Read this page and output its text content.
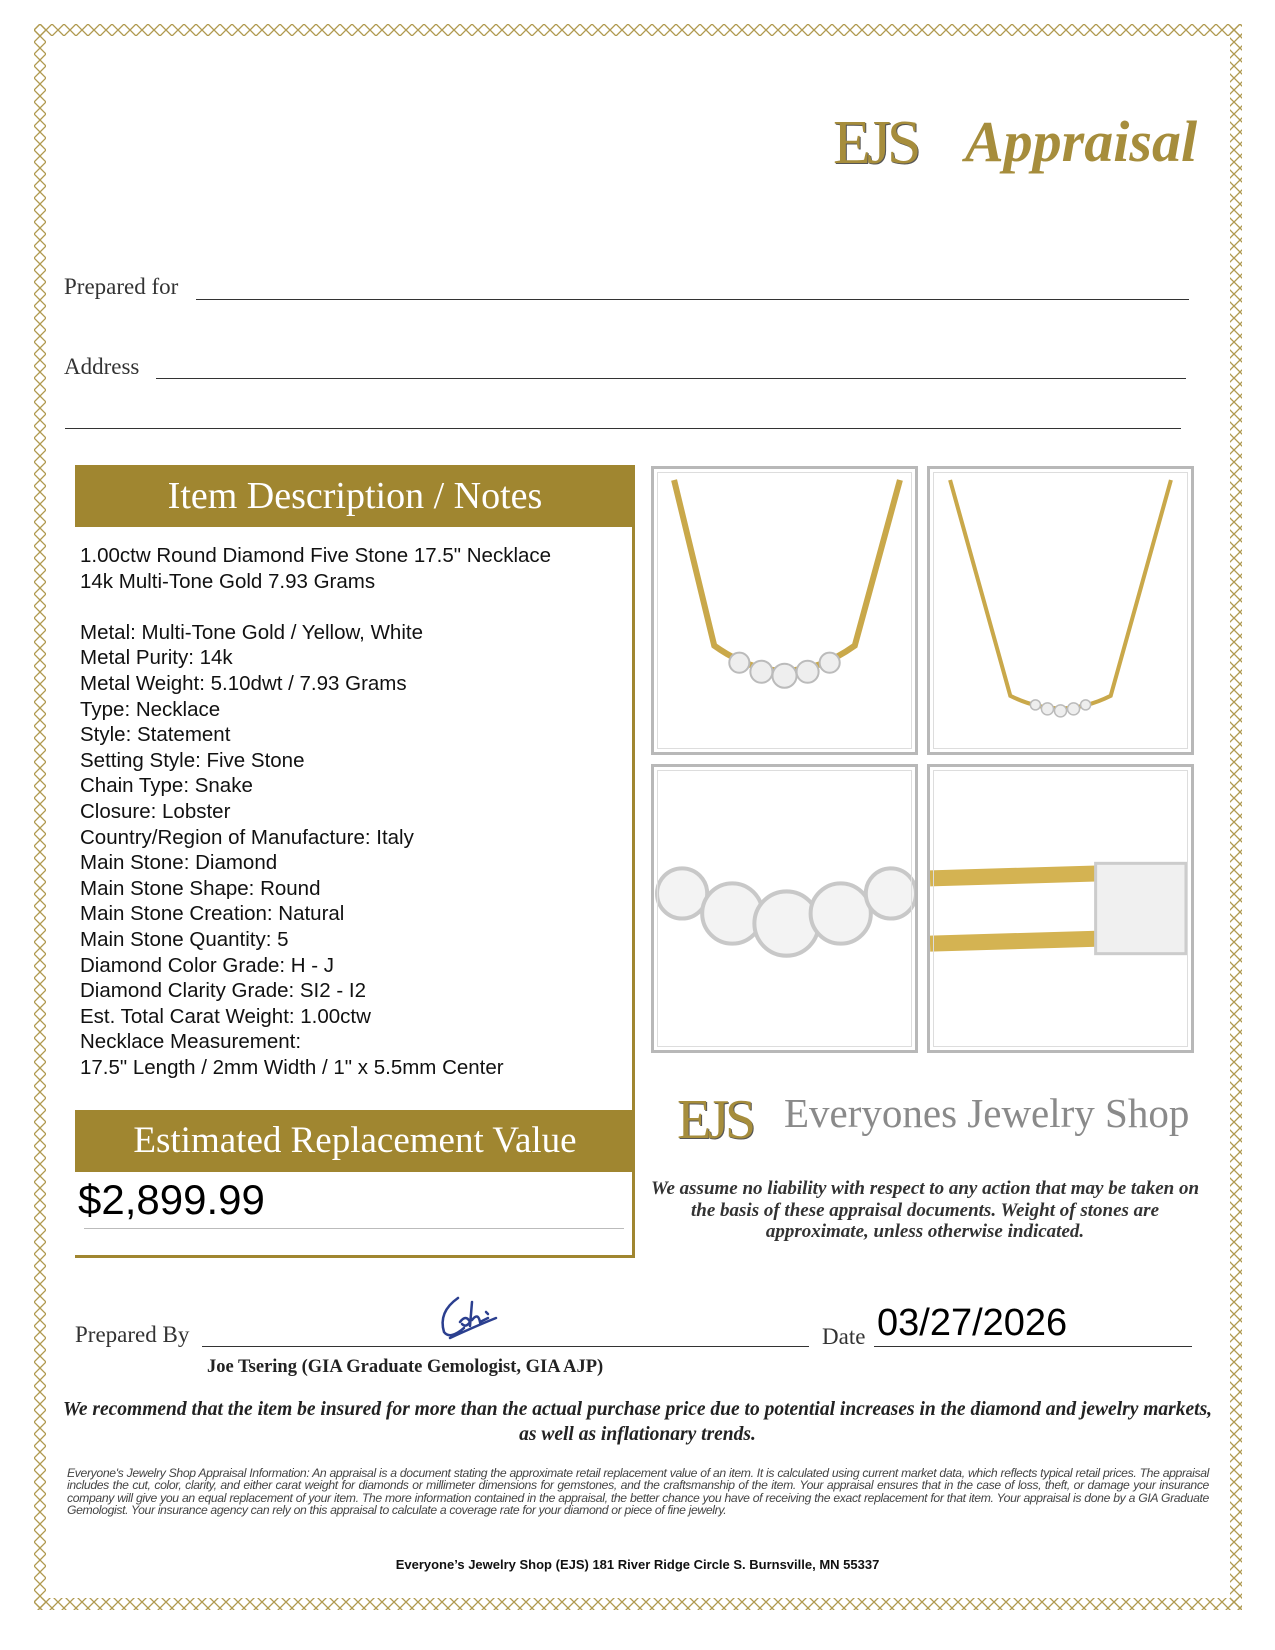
EJS Appraisal
Prepared for
Address
Item Description / Notes
1.00ctw Round Diamond Five Stone 17.5" Necklace
14k Multi-Tone Gold 7.93 Grams
Metal: Multi-Tone Gold / Yellow, White
Metal Purity: 14k
Metal Weight: 5.10dwt / 7.93 Grams
Type: Necklace
Style: Statement
Setting Style: Five Stone
Chain Type: Snake
Closure: Lobster
Country/Region of Manufacture: Italy
Main Stone: Diamond
Main Stone Shape: Round
Main Stone Creation: Natural
Main Stone Quantity: 5
Diamond Color Grade: H - J
Diamond Clarity Grade: SI2 - I2
Est. Total Carat Weight: 1.00ctw
Necklace Measurement:
17.5" Length / 2mm Width / 1" x 5.5mm Center
Estimated Replacement Value
$2,899.99
EJS Everyones Jewelry Shop
We assume no liability with respect to any action that may be taken on the basis of these appraisal documents. Weight of stones are approximate, unless otherwise indicated.
Prepared By	Date 03/27/2026
Joe Tsering (GIA Graduate Gemologist, GIA AJP)
We recommend that the item be insured for more than the actual purchase price due to potential increases in the diamond and jewelry markets, as well as inflationary trends.
Everyone's Jewelry Shop Appraisal Information: An appraisal is a document stating the approximate retail replacement value of an item. It is calculated using current market data, which reflects typical retail prices. The appraisal includes the cut, color, clarity, and either carat weight for diamonds or millimeter dimensions for gemstones, and the craftsmanship of the item. Your appraisal ensures that in the case of loss, theft, or damage your insurance company will give you an equal replacement of your item. The more information contained in the appraisal, the better chance you have of receiving the exact replacement for that item. Your appraisal is done by a GIA Graduate Gemologist. Your insurance agency can rely on this appraisal to calculate a coverage rate for your diamond or piece of fine jewelry.
Everyone’s Jewelry Shop (EJS) 181 River Ridge Circle S. Burnsville, MN 55337
